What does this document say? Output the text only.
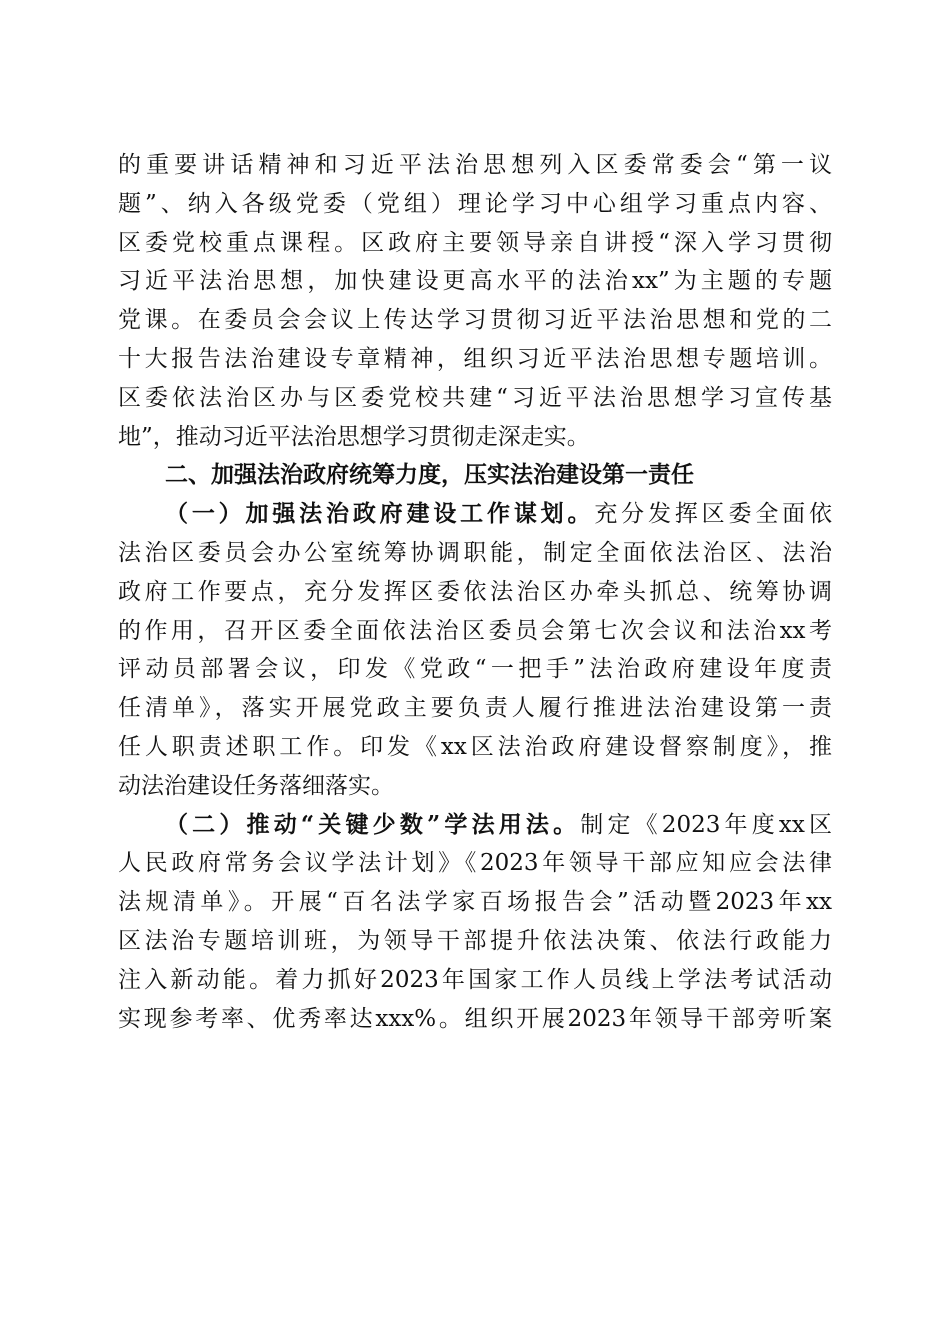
的重要讲话精神和习近平法治思想列入区委常委会“第一议
题”、纳入各级党委（党组）理论学习中心组学习重点内容、
区委党校重点课程。区政府主要领导亲自讲授“深入学习贯彻
习近平法治思想，加快建设更高水平的法治xx”为主题的专题
党课。在委员会会议上传达学习贯彻习近平法治思想和党的二
十大报告法治建设专章精神，组织习近平法治思想专题培训。
区委依法治区办与区委党校共建“习近平法治思想学习宣传基
地”，推动习近平法治思想学习贯彻走深走实。
二、加强法治政府统筹力度，压实法治建设第一责任
（一）加强法治政府建设工作谋划。充分发挥区委全面依
法治区委员会办公室统筹协调职能，制定全面依法治区、法治
政府工作要点，充分发挥区委依法治区办牵头抓总、统筹协调
的作用，召开区委全面依法治区委员会第七次会议和法治xx考
评动员部署会议，印发《党政“一把手”法治政府建设年度责
任清单》，落实开展党政主要负责人履行推进法治建设第一责
任人职责述职工作。印发《xx区法治政府建设督察制度》，推
动法治建设任务落细落实。
（二）推动“关键少数”学法用法。制定《2023年度xx区
人民政府常务会议学法计划》《2023年领导干部应知应会法律
法规清单》。开展“百名法学家百场报告会”活动暨2023年xx
区法治专题培训班，为领导干部提升依法决策、依法行政能力
注入新动能。着力抓好2023年国家工作人员线上学法考试活动
实现参考率、优秀率达xxx%。组织开展2023年领导干部旁听案
